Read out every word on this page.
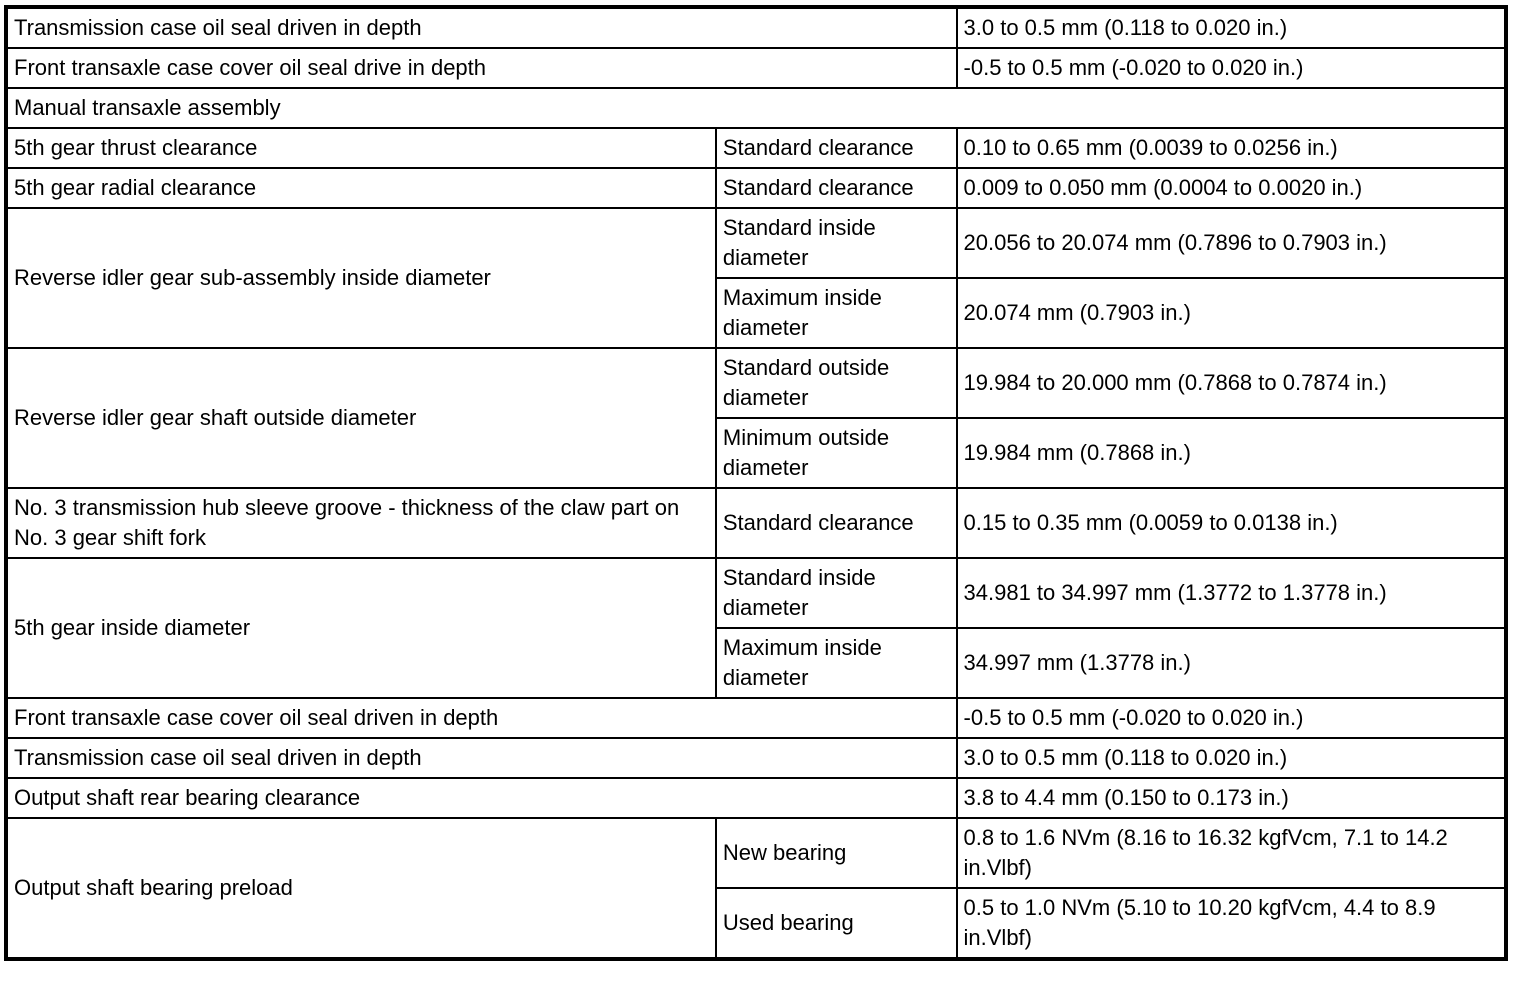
Transmission case oil seal driven in depth		3.0 to 0.5 mm (0.118 to 0.020 in.)
Front transaxle case cover oil seal drive in depth		-0.5 to 0.5 mm (-0.020 to 0.020 in.)
Manual transaxle assembly		
5th gear thrust clearance	Standard clearance	0.10 to 0.65 mm (0.0039 to 0.0256 in.)
5th gear radial clearance	Standard clearance	0.009 to 0.050 mm (0.0004 to 0.0020 in.)
Reverse idler gear sub-assembly inside diameter	Standard inside diameter	20.056 to 20.074 mm (0.7896 to 0.7903 in.)
	Maximum inside diameter	20.074 mm (0.7903 in.)
Reverse idler gear shaft outside diameter	Standard outside diameter	19.984 to 20.000 mm (0.7868 to 0.7874 in.)
	Minimum outside diameter	19.984 mm (0.7868 in.)
No. 3 transmission hub sleeve groove - thickness of the claw part on No. 3 gear shift fork	Standard clearance	0.15 to 0.35 mm (0.0059 to 0.0138 in.)
5th gear inside diameter	Standard inside diameter	34.981 to 34.997 mm (1.3772 to 1.3778 in.)
	Maximum inside diameter	34.997 mm (1.3778 in.)
Front transaxle case cover oil seal driven in depth		-0.5 to 0.5 mm (-0.020 to 0.020 in.)
Transmission case oil seal driven in depth		3.0 to 0.5 mm (0.118 to 0.020 in.)
Output shaft rear bearing clearance		3.8 to 4.4 mm (0.150 to 0.173 in.)
Output shaft bearing preload	New bearing	0.8 to 1.6 NVm (8.16 to 16.32 kgfVcm, 7.1 to 14.2 in.Vlbf)
	Used bearing	0.5 to 1.0 NVm (5.10 to 10.20 kgfVcm, 4.4 to 8.9 in.Vlbf)
